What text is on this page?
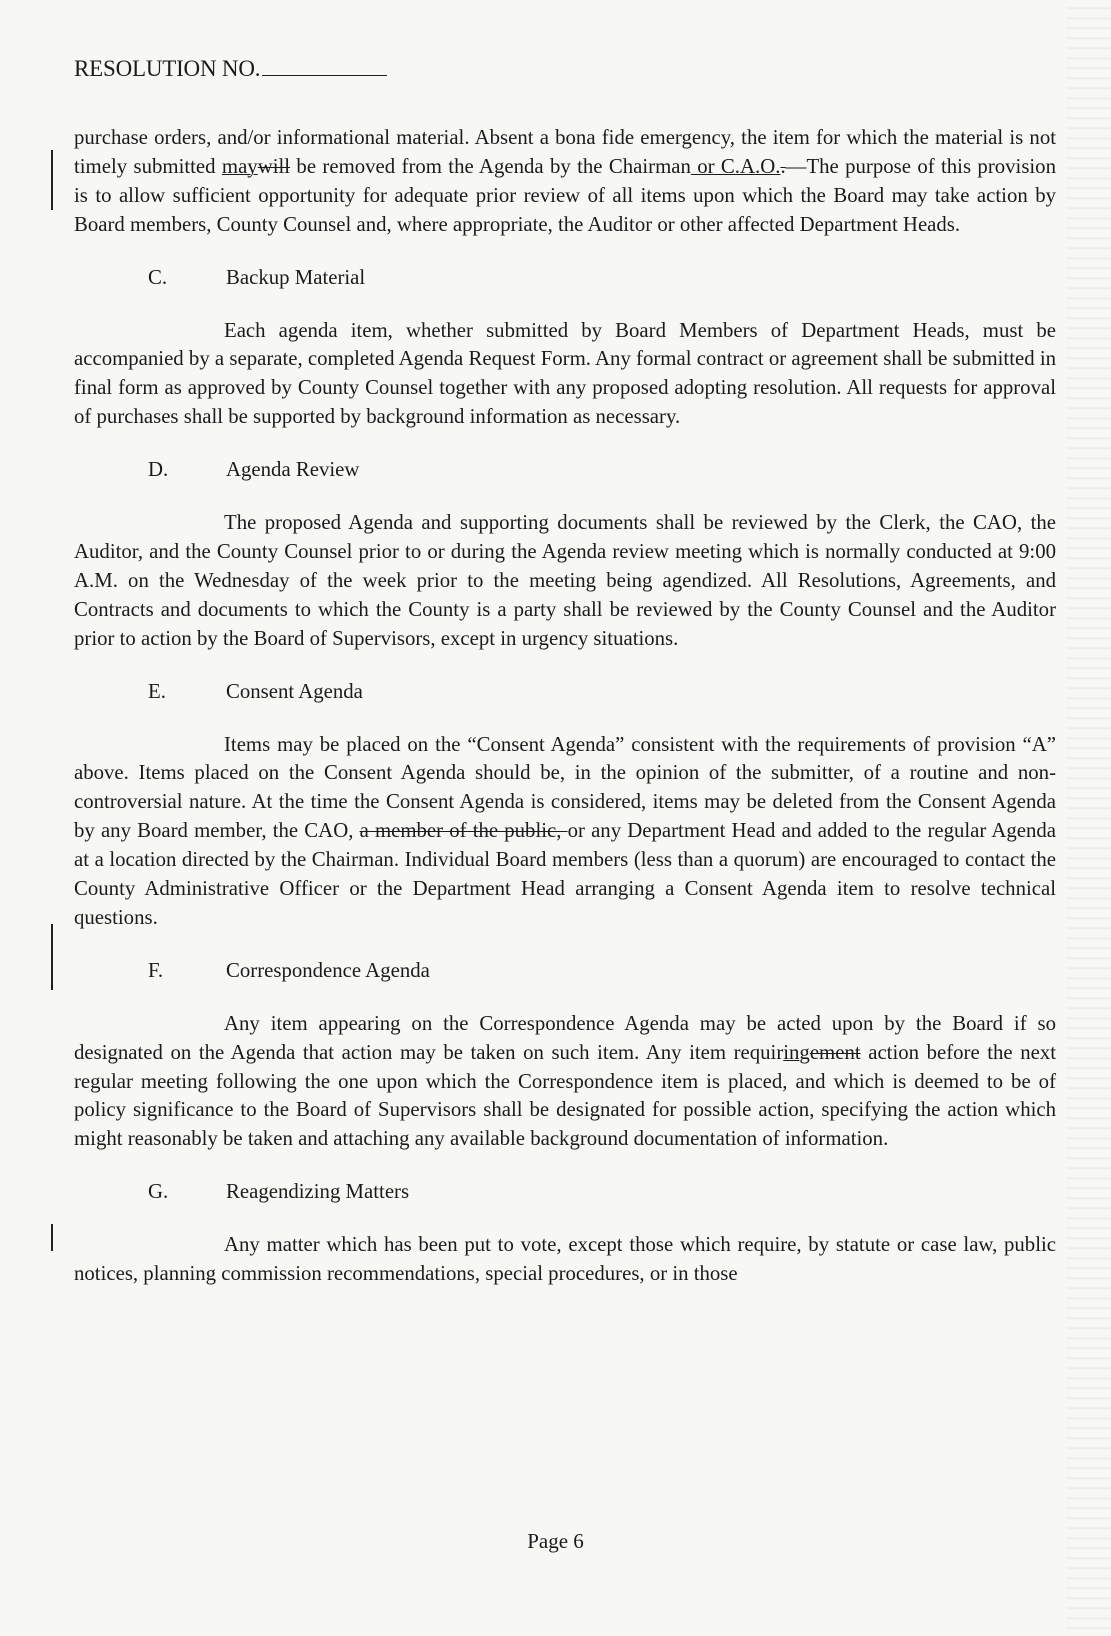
RESOLUTION NO.

purchase orders, and/or informational material. Absent a bona fide emergency, the item for which the material is not timely submitted maywill be removed from the Agenda by the Chairman or C.A.O..—The purpose of this provision is to allow sufficient opportunity for adequate prior review of all items upon which the Board may take action by Board members, County Counsel and, where appropriate, the Auditor or other affected Department Heads.

C.	Backup Material

Each agenda item, whether submitted by Board Members of Department Heads, must be accompanied by a separate, completed Agenda Request Form. Any formal contract or agreement shall be submitted in final form as approved by County Counsel together with any proposed adopting resolution. All requests for approval of purchases shall be supported by background information as necessary.

D.	Agenda Review

The proposed Agenda and supporting documents shall be reviewed by the Clerk, the CAO, the Auditor, and the County Counsel prior to or during the Agenda review meeting which is normally conducted at 9:00 A.M. on the Wednesday of the week prior to the meeting being agendized. All Resolutions, Agreements, and Contracts and documents to which the County is a party shall be reviewed by the County Counsel and the Auditor prior to action by the Board of Supervisors, except in urgency situations.

E.	Consent Agenda

Items may be placed on the “Consent Agenda” consistent with the requirements of provision “A” above. Items placed on the Consent Agenda should be, in the opinion of the submitter, of a routine and non-controversial nature. At the time the Consent Agenda is considered, items may be deleted from the Consent Agenda by any Board member, the CAO, a member of the public, or any Department Head and added to the regular Agenda at a location directed by the Chairman. Individual Board members (less than a quorum) are encouraged to contact the County Administrative Officer or the Department Head arranging a Consent Agenda item to resolve technical questions.

F.	Correspondence Agenda

Any item appearing on the Correspondence Agenda may be acted upon by the Board if so designated on the Agenda that action may be taken on such item. Any item requiringement action before the next regular meeting following the one upon which the Correspondence item is placed, and which is deemed to be of policy significance to the Board of Supervisors shall be designated for possible action, specifying the action which might reasonably be taken and attaching any available background documentation of information.

G.	Reagendizing Matters

Any matter which has been put to vote, except those which require, by statute or case law, public notices, planning commission recommendations, special procedures, or in those

Page 6
